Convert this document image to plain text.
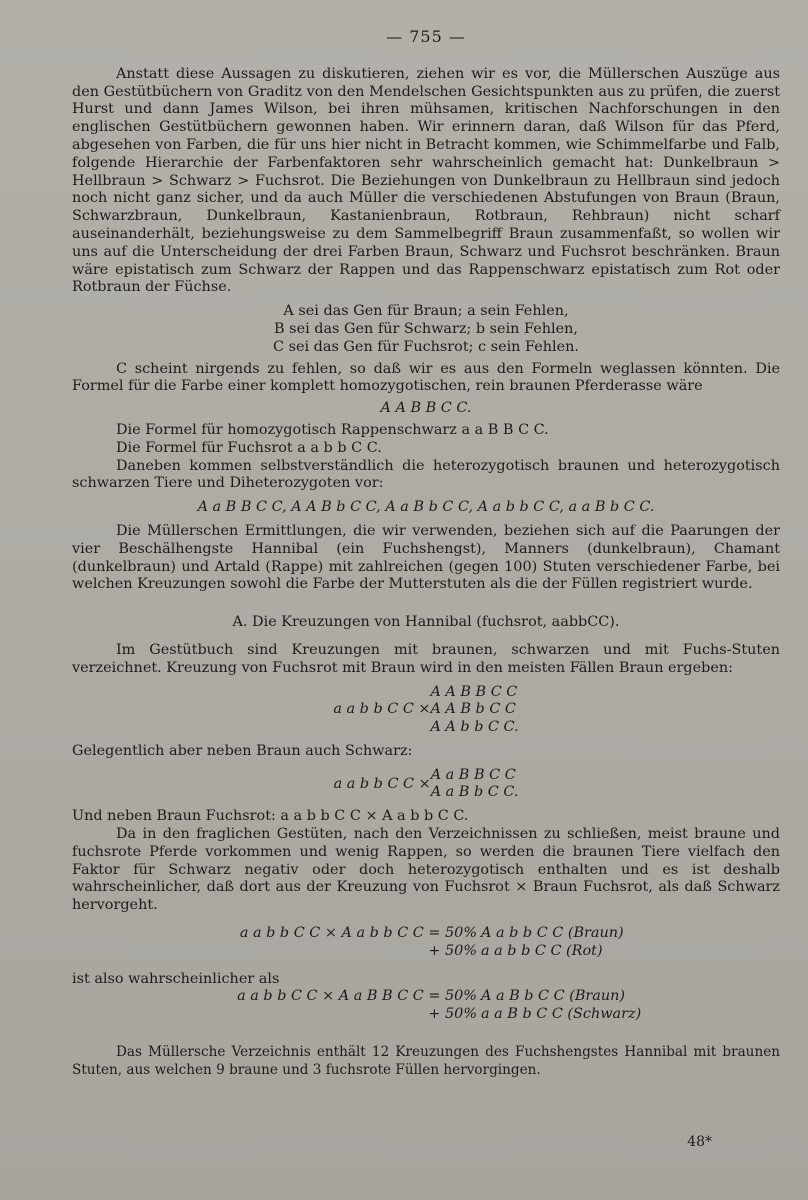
— 755 —

Anstatt diese Aussagen zu diskutieren, ziehen wir es vor, die Müllerschen Auszüge aus den Gestütbüchern von Graditz von den Mendelschen Gesichtspunkten aus zu prüfen, die zuerst Hurst und dann James Wilson, bei ihren mühsamen, kritischen Nachforschungen in den englischen Gestütbüchern gewonnen haben. Wir erinnern daran, daß Wilson für das Pferd, abgesehen von Farben, die für uns hier nicht in Betracht kommen, wie Schimmelfarbe und Falb, folgende Hierarchie der Farbenfaktoren sehr wahrscheinlich gemacht hat: Dunkelbraun > Hellbraun > Schwarz > Fuchsrot. Die Beziehungen von Dunkelbraun zu Hellbraun sind jedoch noch nicht ganz sicher, und da auch Müller die verschiedenen Abstufungen von Braun (Braun, Schwarzbraun, Dunkelbraun, Kastanienbraun, Rotbraun, Rehbraun) nicht scharf auseinanderhält, beziehungsweise zu dem Sammelbegriff Braun zusammenfaßt, so wollen wir uns auf die Unterscheidung der drei Farben Braun, Schwarz und Fuchsrot beschränken. Braun wäre epistatisch zum Schwarz der Rappen und das Rappenschwarz epistatisch zum Rot oder Rotbraun der Füchse.

A sei das Gen für Braun; a sein Fehlen,
B sei das Gen für Schwarz; b sein Fehlen,
C sei das Gen für Fuchsrot; c sein Fehlen.

C scheint nirgends zu fehlen, so daß wir es aus den Formeln weglassen könnten. Die Formel für die Farbe einer komplett homozygotischen, rein braunen Pferderasse wäre

A A B B C C.

Die Formel für homozygotisch Rappenschwarz a a B B C C.

Die Formel für Fuchsrot a a b b C C.

Daneben kommen selbstverständlich die heterozygotisch braunen und heterozygotisch schwarzen Tiere und Diheterozygoten vor:

A a B B C C, A A B b C C, A a B b C C, A a b b C C, a a B b C C.

Die Müllerschen Ermittlungen, die wir verwenden, beziehen sich auf die Paarungen der vier Beschälhengste Hannibal (ein Fuchshengst), Manners (dunkelbraun), Chamant (dunkelbraun) und Artald (Rappe) mit zahlreichen (gegen 100) Stuten verschiedener Farbe, bei welchen Kreuzungen sowohl die Farbe der Mutterstuten als die der Füllen registriert wurde.

A. Die Kreuzungen von Hannibal (fuchsrot, aabbCC).

Im Gestütbuch sind Kreuzungen mit braunen, schwarzen und mit Fuchs-Stuten verzeichnet. Kreuzung von Fuchsrot mit Braun wird in den meisten Fällen Braun ergeben:

a a b b C C ×
A A B B C C
A A B b C C
A A b b C C.

Gelegentlich aber neben Braun auch Schwarz:

a a b b C C ×
A a B B C C
A a B b C C.

Und neben Braun Fuchsrot: a a b b C C × A a b b C C.

Da in den fraglichen Gestüten, nach den Verzeichnissen zu schließen, meist braune und fuchsrote Pferde vorkommen und wenig Rappen, so werden die braunen Tiere vielfach den Faktor für Schwarz negativ oder doch heterozygotisch enthalten und es ist deshalb wahrscheinlicher, daß dort aus der Kreuzung von Fuchsrot × Braun Fuchsrot, als daß Schwarz hervorgeht.

a a b b C C × A a b b C C = 50% A a b b C C (Braun)
+ 50% a a b b C C (Rot)

ist also wahrscheinlicher als

a a b b C C × A a B B C C = 50% A a B b C C (Braun)
+ 50% a a B b C C (Schwarz)

Das Müllersche Verzeichnis enthält 12 Kreuzungen des Fuchshengstes Hannibal mit braunen Stuten, aus welchen 9 braune und 3 fuchsrote Füllen hervorgingen.

48*
